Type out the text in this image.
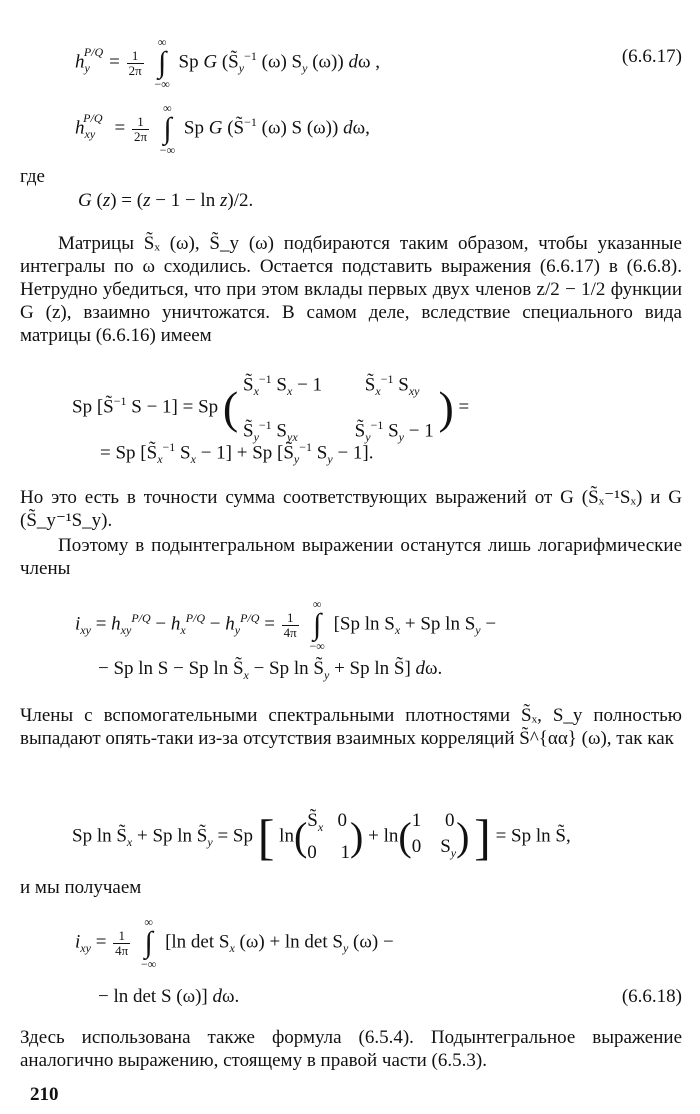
$h_y^{P/Q} = \frac{1}{2\pi}$

∞
∫
−∞
Sp G ($S̃_y^{-1}$ (ω) $S_y$ (ω)) dω ,	(6.6.17)
$h_{xy}^{P/Q} = \frac{1}{2\pi}$

∞
∫
−∞
Sp G (S̃$^{-1}$ (ω) S (ω)) dω,
где
G (z) = (z − 1 − ln z)/2.
Матрицы S̃ₓ (ω), S̃_y (ω) подбираются таким образом, чтобы указанные интегралы по ω сходились. Остается подставить выражения (6.6.17) в (6.6.8). Нетрудно убедиться, что при этом вклады первых двух членов z/2 − 1/2 функции G (z), взаимно уничтожатся. В самом деле, вследствие специального вида матрицы (6.6.16) имеем
Sp [S̃$^{-1}$ S − 1] = Sp ( $S̃_x^{-1}$ $S_x - 1$         $S̃_x^{-1}$ $S_{xy}$
$S̃_y^{-1}$ $S_{yx}$            $S̃_y^{-1}$ $S_y - 1$ ) =
= Sp [$S̃_x^{-1}$ $S_x - 1] + Sp$ [$S̃_y^{-1}$ $S_y - 1$].
Но это есть в точности сумма соответствующих выражений от G (S̃ₓ⁻¹Sₓ) и G (S̃_y⁻¹S_y).
Поэтому в подынтегральном выражении останутся лишь логарифмические члены
$i_{xy} = h_{xy}^{P/Q} - h_x^{P/Q} - h_y^{P/Q} = \frac{1}{4\pi}$

∞
∫
−∞
[Sp $\ln S_x + Sp$ $\ln S_y$ −
− Sp ln S − Sp $\ln S̃_x - Sp$ $\ln S̃_y + Sp$ ln S̃] dω.
Члены с вспомогательными спектральными плотностями S̃ₓ, S_y полностью выпадают опять-таки из-за отсутствия взаимных корреляций S̃^{αα} (ω), так как
Sp $\ln S̃_x + Sp$ $\ln S̃_y = Sp$ [ ln( $S̃_x$   0
0     1 ) + ln( 1     0
0    $S_y$ ) ] = Sp ln S̃,
и мы получаем
$i_{xy} = \frac{1}{4\pi}$

∞
∫
−∞
[ln $\det S_x$ $(\omega) + \ln \det S_y$ (ω) −
− ln det S (ω)] dω.	(6.6.18)
Здесь использована также формула (6.5.4). Подынтегральное выражение аналогично выражению, стоящему в правой части (6.5.3).
210
